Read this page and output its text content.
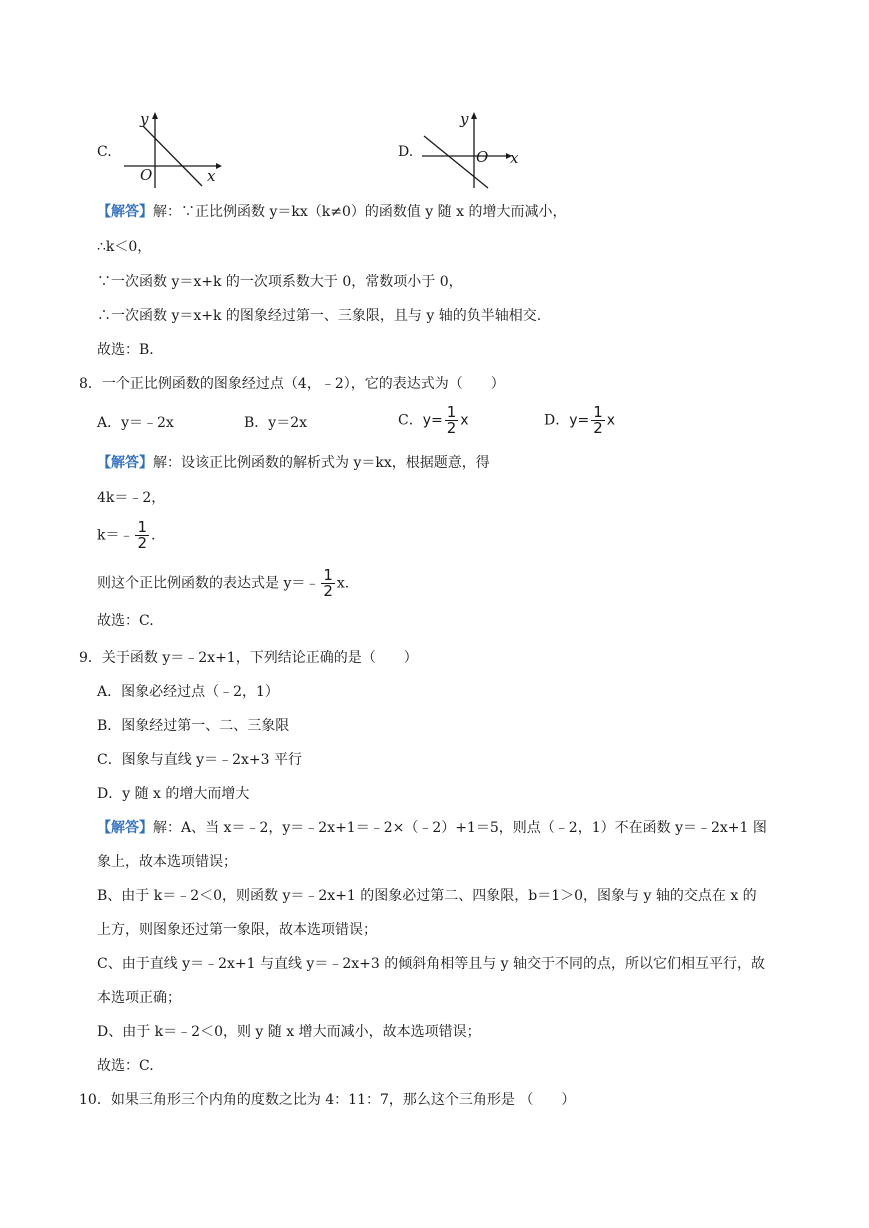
C.
y
x
O
D.
y
x
O
【解答】解：∵正比例函数 y＝kx（k≠0）的函数值 y 随 x 的增大而减小，
∴k＜0，
∵一次函数 y＝x+k 的一次项系数大于 0，常数项小于 0，
∴一次函数 y＝x+k 的图象经过第一、三象限，且与 y 轴的负半轴相交.
故选：B.
8．一个正比例函数的图象经过点（4，﹣2），它的表达式为（　　）
A．y＝﹣2x	B．y＝2x	C．$y= \frac{1}{2}$ x	D．$y= \frac{1}{2}$ x
【解答】解：设该正比例函数的解析式为 y＝kx，根据题意，得
4k＝﹣2，
k＝﹣ $\frac{1}{2}$ .
则这个正比例函数的表达式是 y＝﹣ $\frac{1}{2} x$.
故选：C.
9．关于函数 y＝﹣2x+1，下列结论正确的是（　　）
A．图象必经过点（﹣2，1）
B．图象经过第一、二、三象限
C．图象与直线 y＝﹣2x+3 平行
D．y 随 x 的增大而增大
【解答】解：A、当 x＝﹣2，y＝﹣2x+1＝﹣2×（﹣2）+1＝5，则点（﹣2，1）不在函数 y＝﹣2x+1 图
象上，故本选项错误；
B、由于 k＝﹣2＜0，则函数 y＝﹣2x+1 的图象必过第二、四象限，b＝1＞0，图象与 y 轴的交点在 x 的
上方，则图象还过第一象限，故本选项错误；
C、由于直线 y＝﹣2x+1 与直线 y＝﹣2x+3 的倾斜角相等且与 y 轴交于不同的点，所以它们相互平行，故
本选项正确；
D、由于 k＝﹣2＜0，则 y 随 x 增大而减小，故本选项错误；
故选：C.
10．如果三角形三个内角的度数之比为 4：11：7，那么这个三角形是 （　　）
